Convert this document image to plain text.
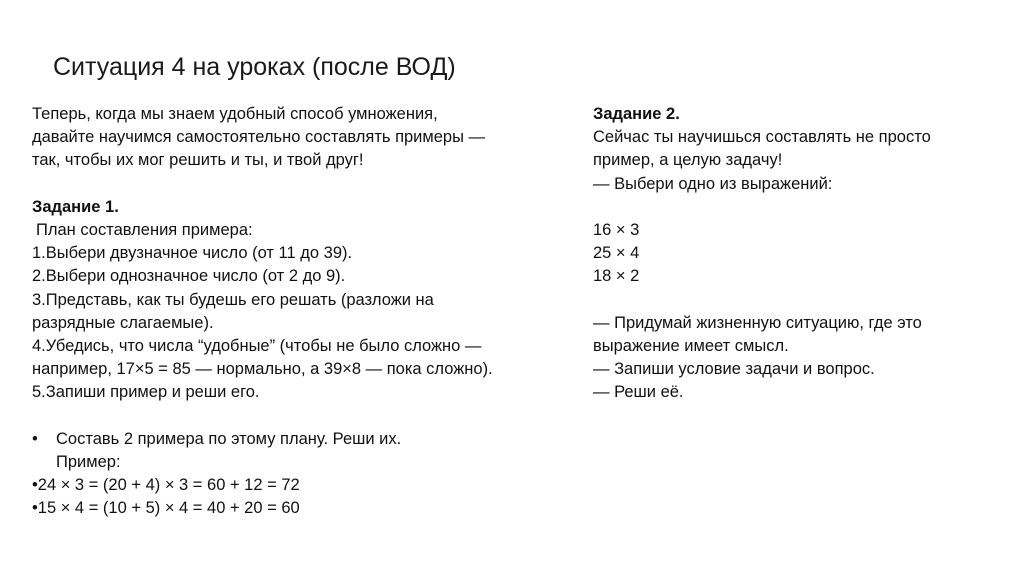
Ситуация 4 на уроках (после ВОД)
Теперь, когда мы знаем удобный способ умножения,
давайте научимся самостоятельно составлять примеры —
так, чтобы их мог решить и ты, и твой друг!
Задание 1.
План составления примера:
1.Выбери двузначное число (от 11 до 39).
2.Выбери однозначное число (от 2 до 9).
3.Представь, как ты будешь его решать (разложи на
разрядные слагаемые).
4.Убедись, что числа “удобные” (чтобы не было сложно —
например, 17×5 = 85 — нормально, а 39×8 — пока сложно).
5.Запиши пример и реши его.
• Составь 2 примера по этому плану. Реши их.
Пример:
•24 × 3 = (20 + 4) × 3 = 60 + 12 = 72
•15 × 4 = (10 + 5) × 4 = 40 + 20 = 60
Задание 2.
Сейчас ты научишься составлять не просто
пример, а целую задачу!
— Выбери одно из выражений:
16 × 3
25 × 4
18 × 2
— Придумай жизненную ситуацию, где это
выражение имеет смысл.
— Запиши условие задачи и вопрос.
— Реши её.
